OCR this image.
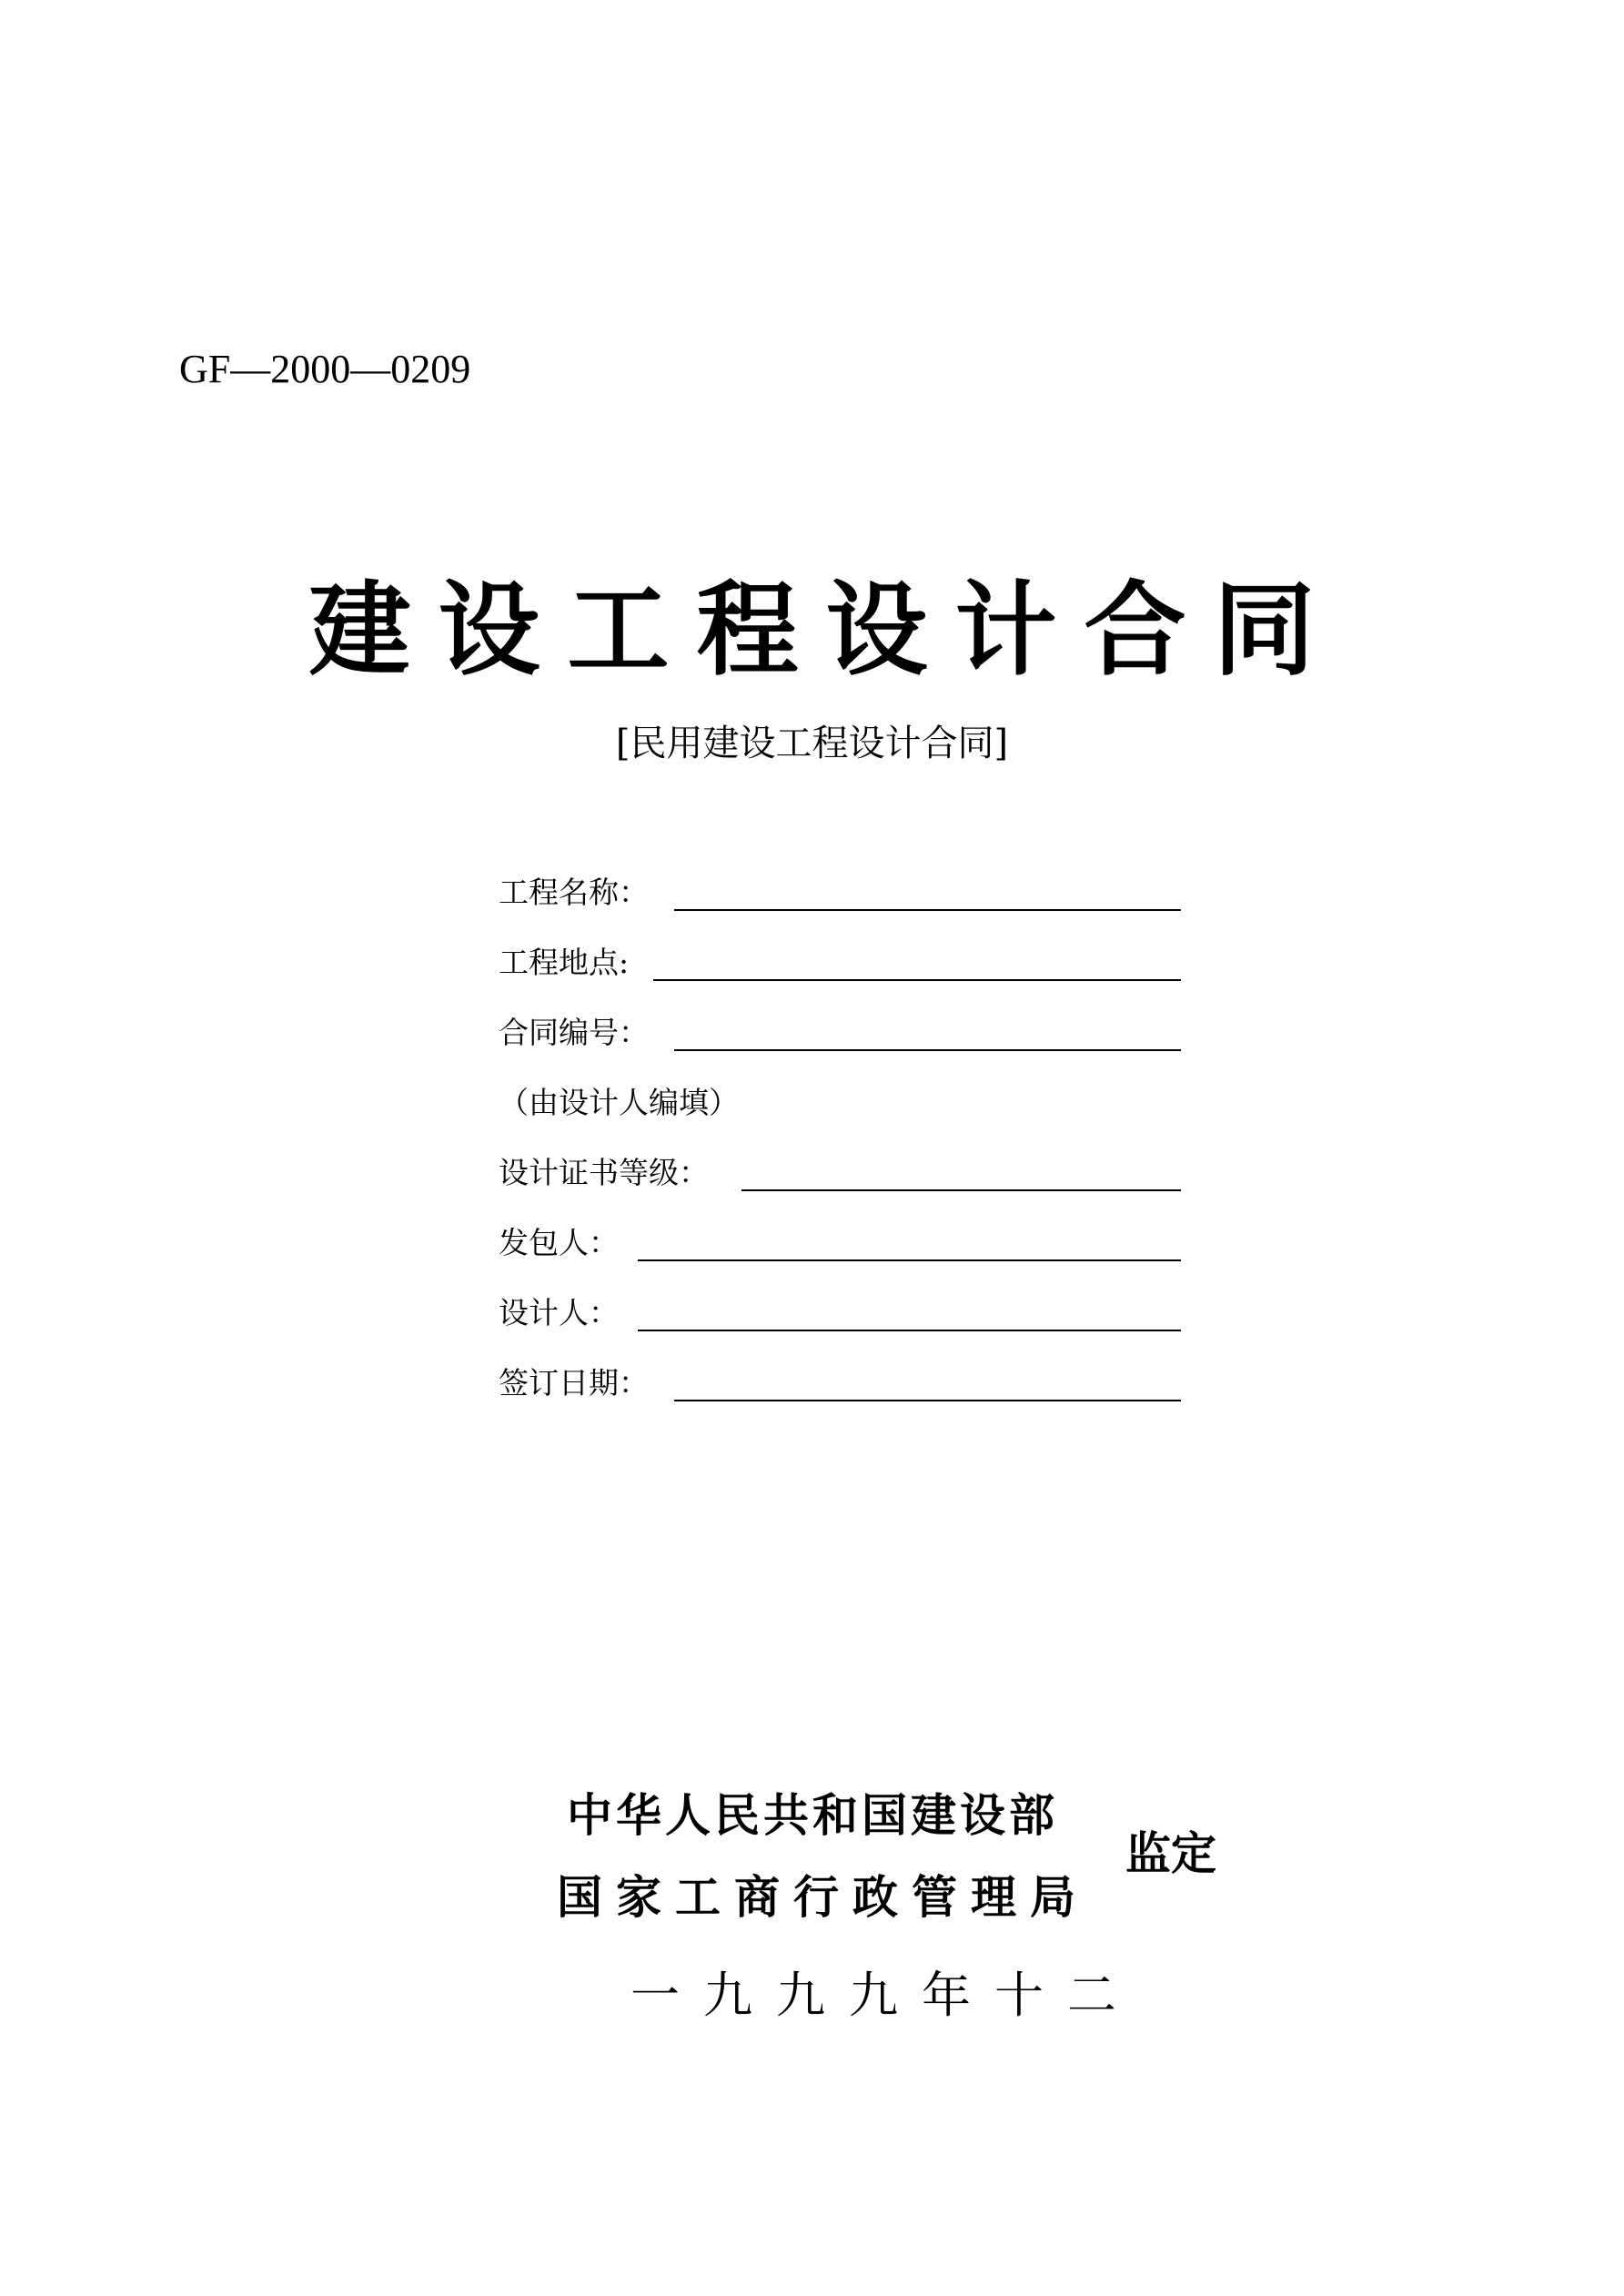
GF—2000—0209
建设工程设计合同
[民用建设工程设计合同]
工程名称：
工程地点:
合同编号：
（由设计人编填）
设计证书等级：
发包人：
设计人：
签订日期：
中华人民共和国建设部
国家工商行政管理局
监定
一九九九年十二
